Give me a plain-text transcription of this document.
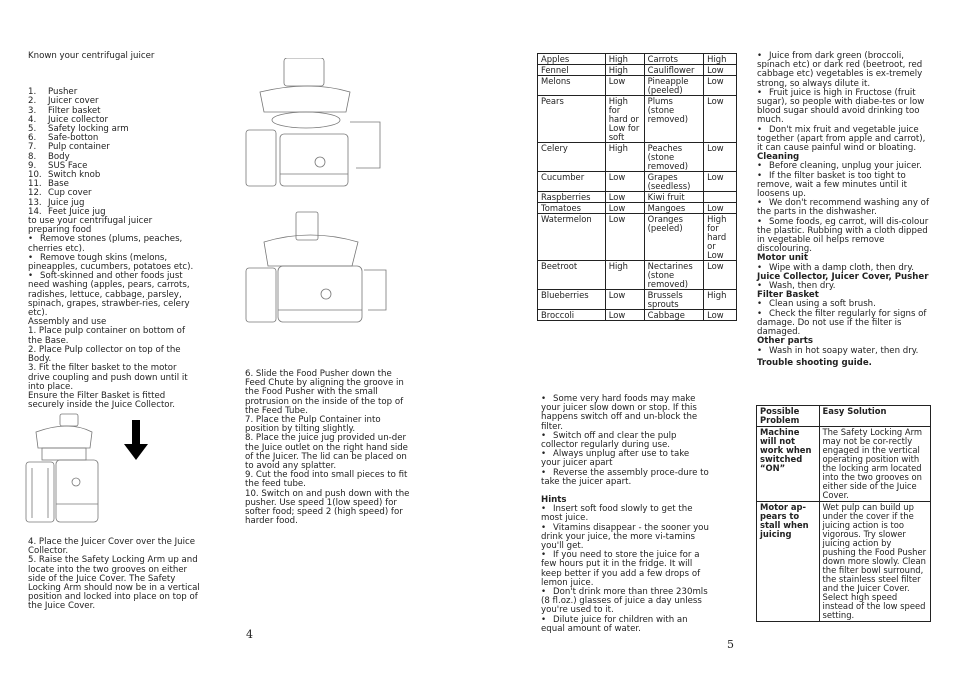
Known your centrifugal juicer

1. Pusher

2. Juicer cover

3. Filter basket

4. Juice collector

5. Safety locking arm

6. Safe-botton

7. Pulp container

8. Body

9. SUS Face

10. Switch knob

11. Base

12. Cup cover

13. Juice jug

14. Feet Juice jug

to use your centrifugal juicer preparing food

• Remove stones (plums, peaches, cherries etc).

• Remove tough skins (melons, pineapples, cucumbers, potatoes etc).

• Soft-skinned and other foods just need washing (apples, pears, carrots, radishes, lettuce, cabbage, parsley, spinach, grapes, strawber-ries, celery etc).

Assembly and use

1. Place pulp container on bottom of the Base.

2. Place Pulp collector on top of the Body.

3. Fit the filter basket to the motor drive coupling and push down until it into place.

Ensure the Filter Basket is fitted securely inside the Juice Collector.

4. Place the Juicer Cover over the Juice Collector.

5. Raise the Safety Locking Arm up and locate into the two grooves on either side of the Juice Cover. The Safety Locking Arm should now be in a vertical position and locked into place on top of the Juice Cover.

4

6. Slide the Food Pusher down the Feed Chute by aligning the groove in the Food Pusher with the small protrusion on the inside of the top of the Feed Tube.

7. Place the Pulp Container into position by tilting slightly.

8. Place the juice jug provided un-der the Juice outlet on the right hand side of the Juicer. The lid can be placed on to avoid any splatter.

9. Cut the food into small pieces to fit the feed tube.

10. Switch on and push down with the pusher. Use speed 1(low speed) for softer food; speed 2 (high speed) for harder food.

Apples	High	Carrots	High
Fennel	High	Cauliflower	Low
Melons	Low	Pineapple (peeled)	Low
Pears	High for hard or Low for soft	Plums (stone removed)	Low
Celery	High	Peaches (stone removed)	Low
Cucumber	Low	Grapes (seedless)	Low
Raspberries	Low	Kiwi fruit	
Tomatoes	Low	Mangoes	Low
Watermelon	Low	Oranges (peeled)	High for hard or Low
Beetroot	High	Nectarines (stone removed)	Low
Blueberries	Low	Brussels sprouts	High
Broccoli	Low	Cabbage	Low

• Some very hard foods may make your juicer slow down or stop. If this happens switch off and un-block the filter.

• Switch off and clear the pulp collector regularly during use.

• Always unplug after use to take your juicer apart

• Reverse the assembly proce-dure to take the juicer apart.

Hints

• Insert soft food slowly to get the most juice.

• Vitamins disappear - the sooner you drink your juice, the more vi-tamins you'll get.

• If you need to store the juice for a few hours put it in the fridge. It will keep better if you add a few drops of lemon juice.

• Don't drink more than three 230mls (8 fl.oz.) glasses of juice a day unless you're used to it.

• Dilute juice for children with an equal amount of water.

5

• Juice from dark green (broccoli, spinach etc) or dark red (beetroot, red cabbage etc) vegetables is ex-tremely strong, so always dilute it.

• Fruit juice is high in Fructose (fruit sugar), so people with diabe-tes or low blood sugar should avoid drinking too much.

• Don't mix fruit and vegetable juice together (apart from apple and carrot), it can cause painful wind or bloating.

Cleaning

• Before cleaning, unplug your juicer.

• If the filter basket is too tight to remove, wait a few minutes until it loosens up.

• We don't recommend washing any of the parts in the dishwasher.

• Some foods, eg carrot, will dis-colour the plastic. Rubbing with a cloth dipped in vegetable oil helps remove discolouring.

Motor unit

• Wipe with a damp cloth, then dry.

Juice Collector, Juicer Cover, Pusher

• Wash, then dry.

Filter Basket

• Clean using a soft brush.

• Check the filter regularly for signs of damage. Do not use if the filter is damaged.

Other parts

• Wash in hot soapy water, then dry.

Trouble shooting guide.

Possible Problem	Easy Solution
Machine will not work when switched “ON”	The Safety Locking Arm may not be cor-rectly engaged in the vertical operating position with the locking arm located into the two grooves on either side of the Juice Cover.
Motor ap-pears to stall when juicing	Wet pulp can build up under the cover if the juicing action is too vigorous. Try slower juicing action by pushing the Food Pusher down more slowly. Clean the filter bowl surround, the stainless steel filter and the Juicer Cover. Select high speed instead of the low speed setting.
